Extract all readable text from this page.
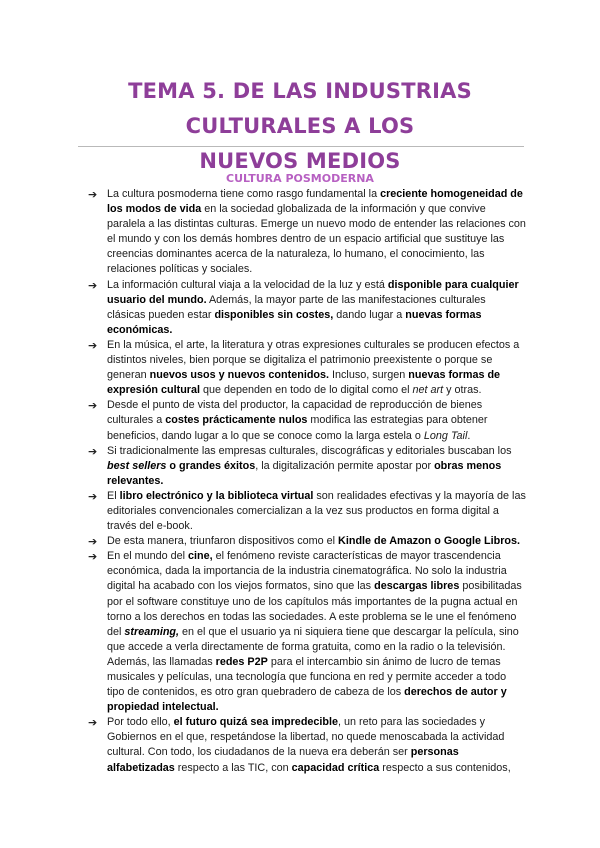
TEMA 5. DE LAS INDUSTRIAS CULTURALES A LOS
NUEVOS MEDIOS
CULTURA POSMODERNA
➔ La cultura posmoderna tiene como rasgo fundamental la creciente homogeneidad de los modos de vida en la sociedad globalizada de la información y que convive paralela a las distintas culturas. Emerge un nuevo modo de entender las relaciones con el mundo y con los demás hombres dentro de un espacio artificial que sustituye las creencias dominantes acerca de la naturaleza, lo humano, el conocimiento, las relaciones políticas y sociales.
➔ La información cultural viaja a la velocidad de la luz y está disponible para cualquier usuario del mundo. Además, la mayor parte de las manifestaciones culturales clásicas pueden estar disponibles sin costes, dando lugar a nuevas formas económicas.
➔ En la música, el arte, la literatura y otras expresiones culturales se producen efectos a distintos niveles, bien porque se digitaliza el patrimonio preexistente o porque se generan nuevos usos y nuevos contenidos. Incluso, surgen nuevas formas de expresión cultural que dependen en todo de lo digital como el net art y otras.
➔ Desde el punto de vista del productor, la capacidad de reproducción de bienes culturales a costes prácticamente nulos modifica las estrategias para obtener beneficios, dando lugar a lo que se conoce como la larga estela o Long Tail.
➔ Si tradicionalmente las empresas culturales, discográficas y editoriales buscaban los best sellers o grandes éxitos, la digitalización permite apostar por obras menos relevantes.
➔ El libro electrónico y la biblioteca virtual son realidades efectivas y la mayoría de las editoriales convencionales comercializan a la vez sus productos en forma digital a través del e-book.
➔ De esta manera, triunfaron dispositivos como el Kindle de Amazon o Google Libros.
➔ En el mundo del cine, el fenómeno reviste características de mayor trascendencia económica, dada la importancia de la industria cinematográfica. No solo la industria digital ha acabado con los viejos formatos, sino que las descargas libres posibilitadas por el software constituye uno de los capítulos más importantes de la pugna actual en torno a los derechos en todas las sociedades. A este problema se le une el fenómeno del streaming, en el que el usuario ya ni siquiera tiene que descargar la película, sino que accede a verla directamente de forma gratuita, como en la radio o la televisión. Además, las llamadas redes P2P para el intercambio sin ánimo de lucro de temas musicales y películas, una tecnología que funciona en red y permite acceder a todo tipo de contenidos, es otro gran quebradero de cabeza de los derechos de autor y propiedad intelectual.
➔ Por todo ello, el futuro quizá sea impredecible, un reto para las sociedades y Gobiernos en el que, respetándose la libertad, no quede menoscabada la actividad cultural. Con todo, los ciudadanos de la nueva era deberán ser personas alfabetizadas respecto a las TIC, con capacidad crítica respecto a sus contenidos,
